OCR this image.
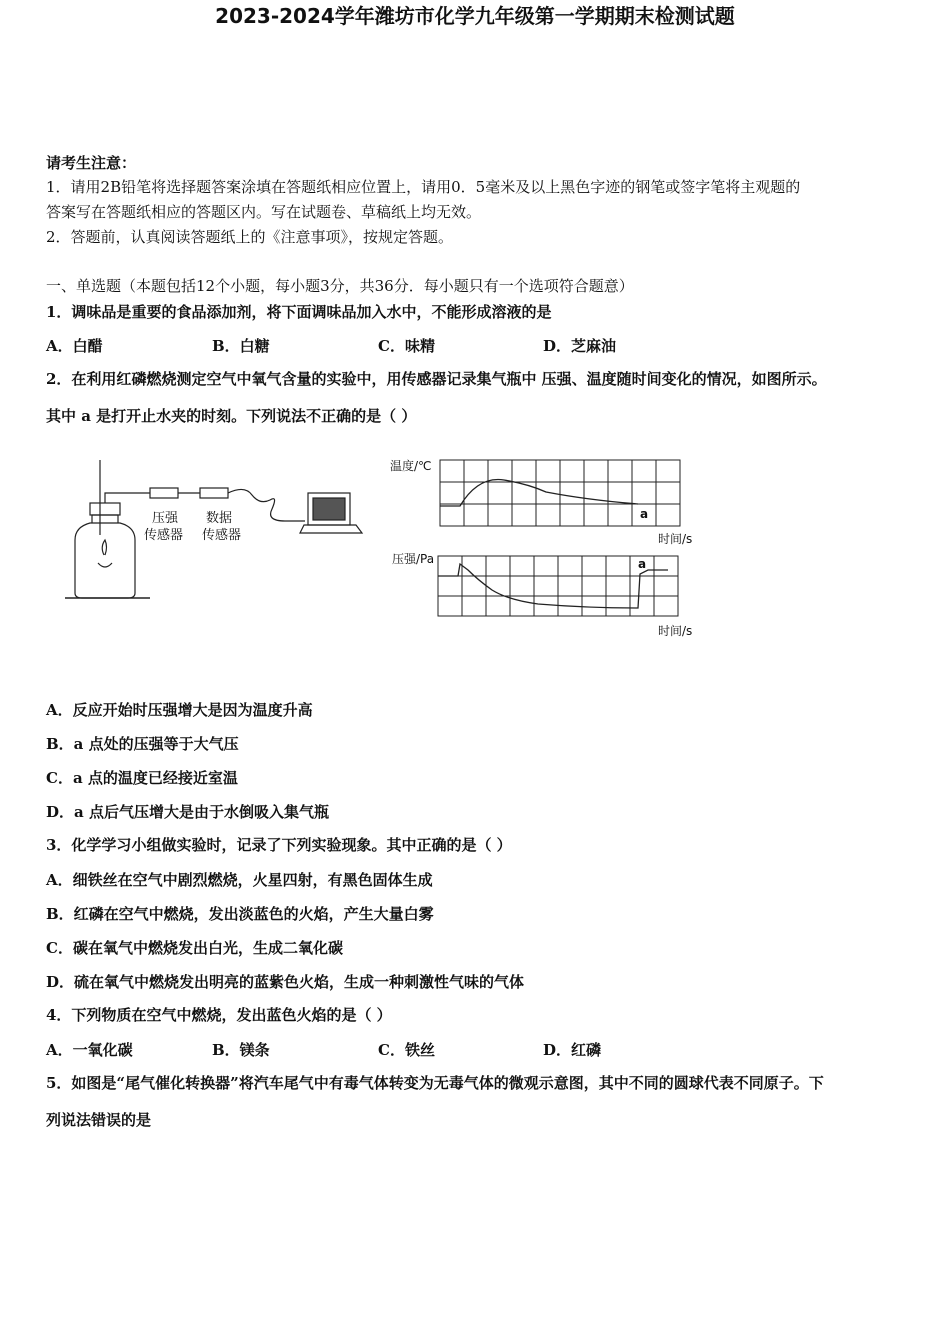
2023-2024学年潍坊市化学九年级第一学期期末检测试题
请考生注意：
1．请用2B铅笔将选择题答案涂填在答题纸相应位置上，请用0．5毫米及以上黑色字迹的钢笔或签字笔将主观题的
答案写在答题纸相应的答题区内。写在试题卷、草稿纸上均无效。
2．答题前，认真阅读答题纸上的《注意事项》，按规定答题。
一、单选题（本题包括12个小题，每小题3分，共36分．每小题只有一个选项符合题意）
1．调味品是重要的食品添加剂，将下面调味品加入水中，不能形成溶液的是
A．白醋	B．白糖	C．味精	D．芝麻油
2．在利用红磷燃烧测定空气中氧气含量的实验中，用传感器记录集气瓶中 压强、温度随时间变化的情况，如图所示。
其中 a 是打开止水夹的时刻。下列说法不正确的是（ ）
压强
传感器
数据
传感器
温度/℃
a
时间/s
压强/Pa	a
时间/s
A．反应开始时压强增大是因为温度升高
B．a 点处的压强等于大气压
C．a 点的温度已经接近室温
D．a 点后气压增大是由于水倒吸入集气瓶
3．化学学习小组做实验时，记录了下列实验现象。其中正确的是（ ）
A．细铁丝在空气中剧烈燃烧，火星四射，有黑色固体生成
B．红磷在空气中燃烧，发出淡蓝色的火焰，产生大量白雾
C．碳在氧气中燃烧发出白光，生成二氧化碳
D．硫在氧气中燃烧发出明亮的蓝紫色火焰，生成一种刺激性气味的气体
4．下列物质在空气中燃烧，发出蓝色火焰的是（ ）
A．一氧化碳	B．镁条	C．铁丝	D．红磷
5．如图是“尾气催化转换器”将汽车尾气中有毒气体转变为无毒气体的微观示意图，其中不同的圆球代表不同原子。下
列说法错误的是
